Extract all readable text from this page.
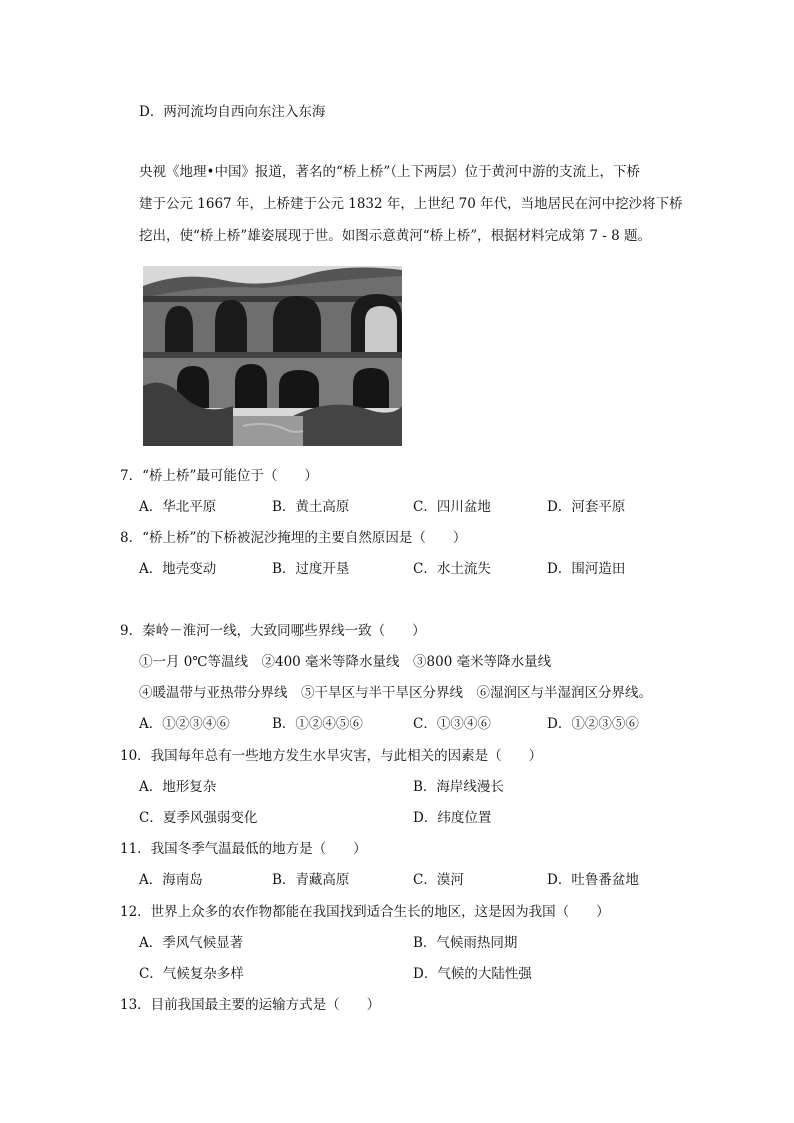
D．两河流均自西向东注入东海
央视《地理•中国》报道，著名的“桥上桥”（上下两层）位于黄河中游的支流上，下桥
建于公元 1667 年，上桥建于公元 1832 年，上世纪 70 年代，当地居民在河中挖沙将下桥
挖出，使“桥上桥”雄姿展现于世。如图示意黄河“桥上桥”，根据材料完成第 7 - 8 题。
7．“桥上桥”最可能位于（　　）
A．华北平原	B．黄土高原	C．四川盆地	D．河套平原
8．“桥上桥”的下桥被泥沙掩埋的主要自然原因是（　　）
A．地壳变动	B．过度开垦	C．水土流失	D．围河造田
9．秦岭－淮河一线，大致同哪些界线一致（　　）
①一月 0℃等温线　②400 毫米等降水量线　③800 毫米等降水量线
④暖温带与亚热带分界线　⑤干旱区与半干旱区分界线　⑥湿润区与半湿润区分界线。
A．①②③④⑥	B．①②④⑤⑥	C．①③④⑥	D．①②③⑤⑥
10．我国每年总有一些地方发生水旱灾害，与此相关的因素是（　　）
A．地形复杂	B．海岸线漫长
C．夏季风强弱变化	D．纬度位置
11．我国冬季气温最低的地方是（　　）
A．海南岛	B．青藏高原	C．漠河	D．吐鲁番盆地
12．世界上众多的农作物都能在我国找到适合生长的地区，这是因为我国（　　）
A．季风气候显著	B．气候雨热同期
C．气候复杂多样	D．气候的大陆性强
13．目前我国最主要的运输方式是（　　）
